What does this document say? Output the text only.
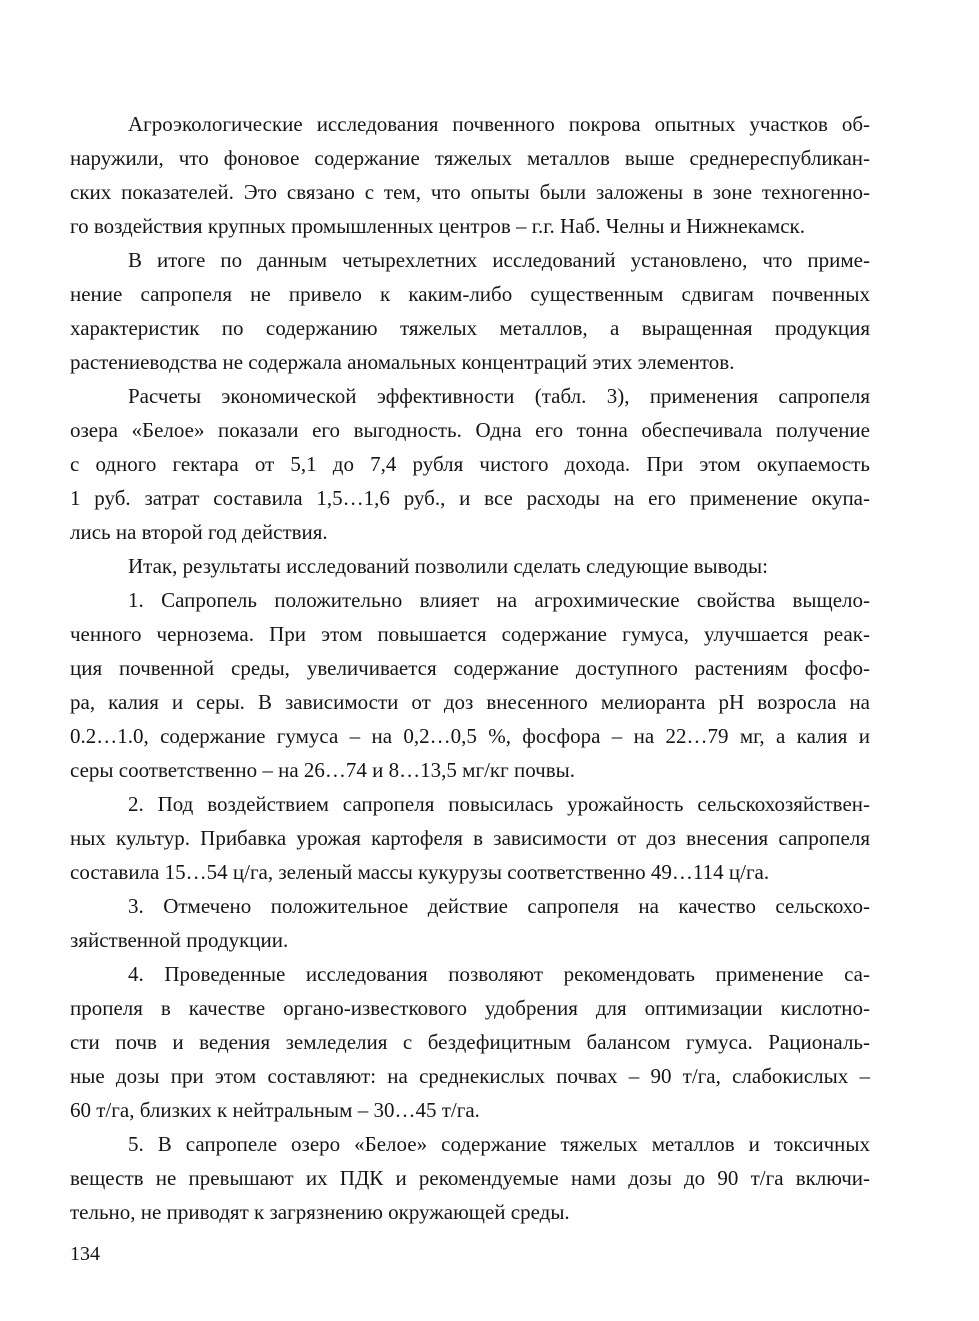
Агроэкологические исследования почвенного покрова опытных участков об-
наружили, что фоновое содержание тяжелых металлов выше среднереспубликан-
ских показателей. Это связано с тем, что опыты были заложены в зоне техногенно-
го воздействия крупных промышленных центров – г.г. Наб. Челны и Нижнекамск.
В итоге по данным четырехлетних исследований установлено, что приме-
нение сапропеля не привело к каким-либо существенным сдвигам почвенных
характеристик по содержанию тяжелых металлов, а выращенная продукция
растениеводства не содержала аномальных концентраций этих элементов.
Расчеты экономической эффективности (табл. 3), применения сапропеля
озера «Белое» показали его выгодность. Одна его тонна обеспечивала получение
с одного гектара от 5,1 до 7,4 рубля чистого дохода. При этом окупаемость
1 руб. затрат составила 1,5…1,6 руб., и все расходы на его применение окупа-
лись на второй год действия.
Итак, результаты исследований позволили сделать следующие выводы:
1. Сапропель положительно влияет на агрохимические свойства выщело-
ченного чернозема. При этом повышается содержание гумуса, улучшается реак-
ция почвенной среды, увеличивается содержание доступного растениям фосфо-
ра, калия и серы. В зависимости от доз внесенного мелиоранта pH возросла на
0.2…1.0, содержание гумуса – на 0,2…0,5 %, фосфора – на 22…79 мг, а калия и
серы соответственно – на 26…74 и 8…13,5 мг/кг почвы.
2. Под воздействием сапропеля повысилась урожайность сельскохозяйствен-
ных культур. Прибавка урожая картофеля в зависимости от доз внесения сапропеля
составила 15…54 ц/га, зеленый массы кукурузы соответственно 49…114 ц/га.
3. Отмечено положительное действие сапропеля на качество сельскохо-
зяйственной продукции.
4. Проведенные исследования позволяют рекомендовать применение са-
пропеля в качестве органо-известкового удобрения для оптимизации кислотно-
сти почв и ведения земледелия с бездефицитным балансом гумуса. Рациональ-
ные дозы при этом составляют: на среднекислых почвах – 90 т/га, слабокислых –
60 т/га, близких к нейтральным – 30…45 т/га.
5. В сапропеле озеро «Белое» содержание тяжелых металлов и токсичных
веществ не превышают их ПДК и рекомендуемые нами дозы до 90 т/га включи-
тельно, не приводят к загрязнению окружающей среды.
134
